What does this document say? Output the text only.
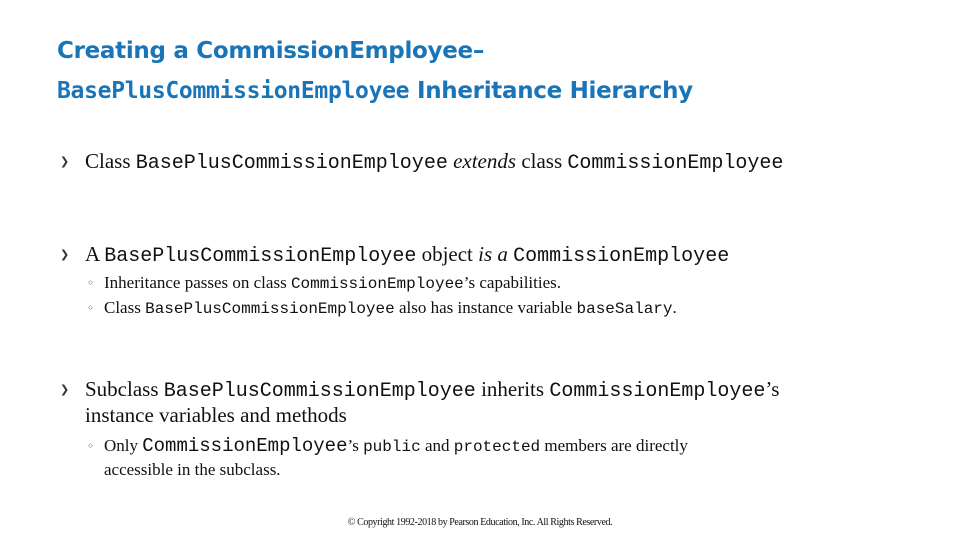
Creating a CommissionEmployee–
BasePlusCommissionEmployee Inheritance Hierarchy
❯ Class BasePlusCommissionEmployee extends class CommissionEmployee
❯ A BasePlusCommissionEmployee object is a CommissionEmployee
◦ Inheritance passes on class CommissionEmployee’s capabilities.
◦ Class BasePlusCommissionEmployee also has instance variable baseSalary.
❯ Subclass BasePlusCommissionEmployee inherits CommissionEmployee’s
instance variables and methods
◦ Only CommissionEmployee’s public and protected members are directly
accessible in the subclass.
© Copyright 1992-2018 by Pearson Education, Inc. All Rights Reserved.
